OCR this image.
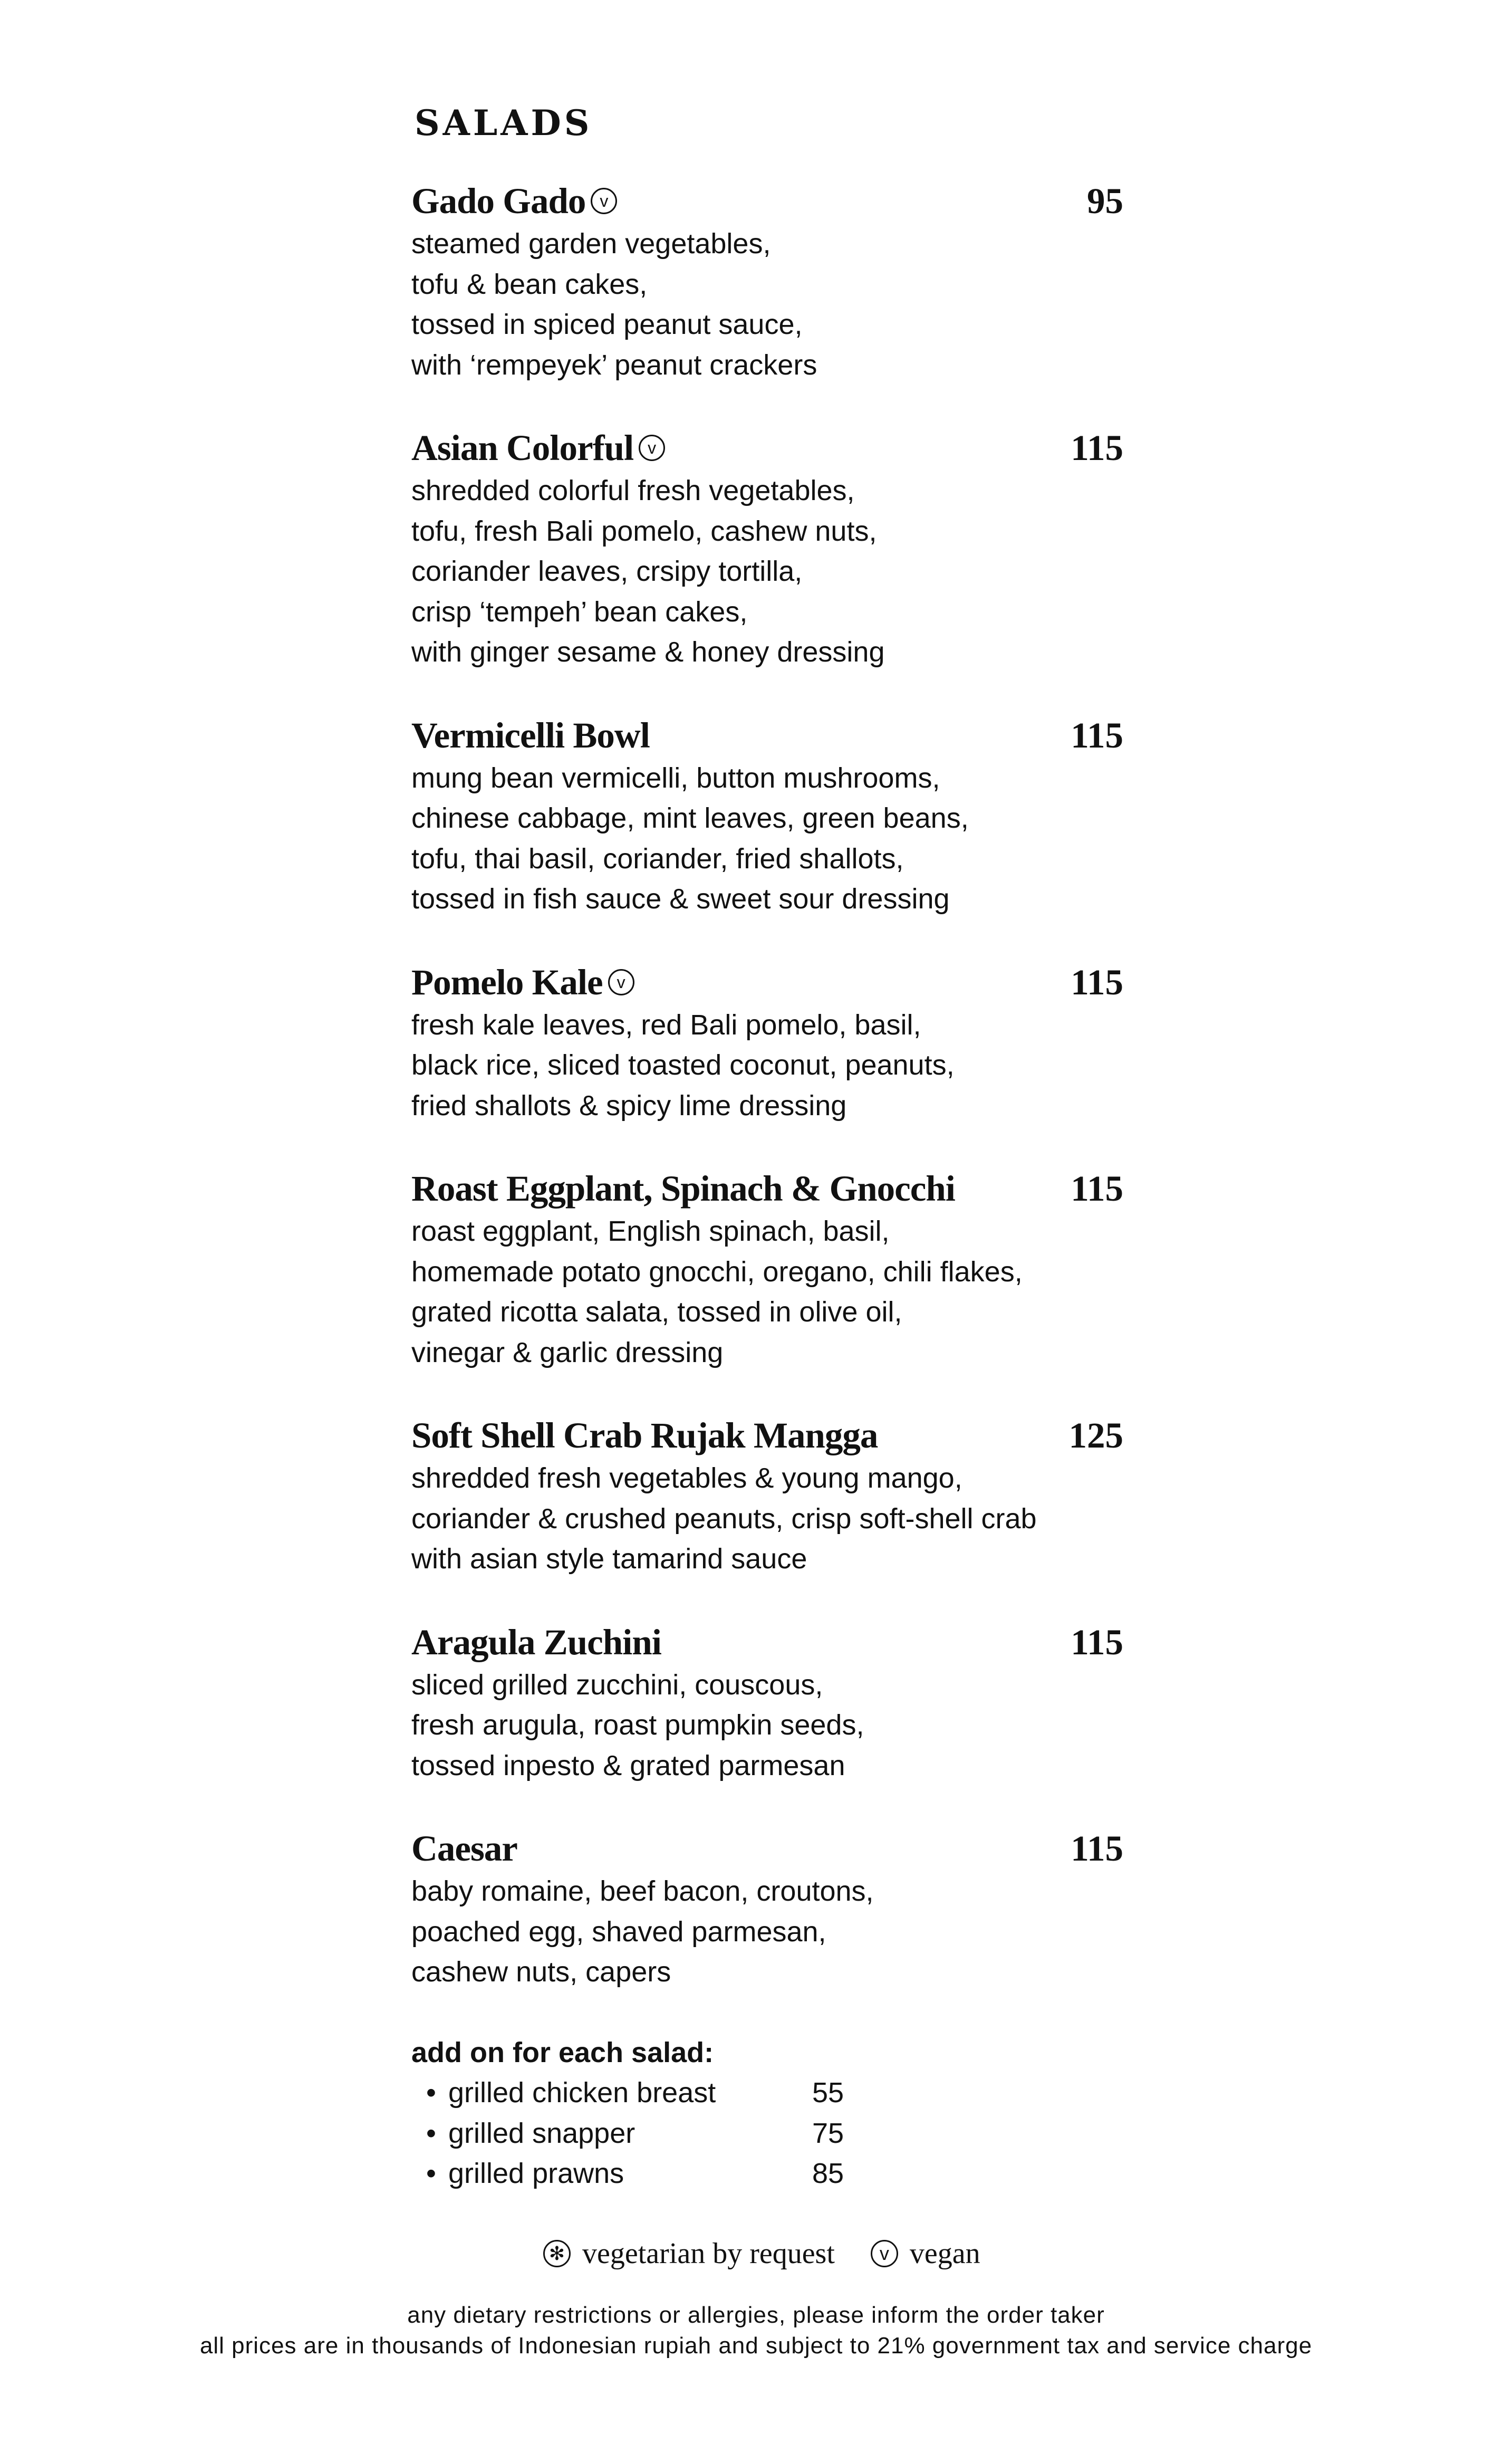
SALADS
Gado Gado v	95
steamed garden vegetables,
tofu & bean cakes,
tossed in spiced peanut sauce,
with ‘rempeyek’ peanut crackers
Asian Colorful v	115
shredded colorful fresh vegetables,
tofu, fresh Bali pomelo, cashew nuts,
coriander leaves, crsipy tortilla,
crisp ‘tempeh’ bean cakes,
with ginger sesame & honey dressing
Vermicelli Bowl	115
mung bean vermicelli, button mushrooms,
chinese cabbage, mint leaves, green beans,
tofu, thai basil, coriander, fried shallots,
tossed in fish sauce & sweet sour dressing
Pomelo Kale v	115
fresh kale leaves, red Bali pomelo, basil,
black rice, sliced toasted coconut, peanuts,
fried shallots & spicy lime dressing
Roast Eggplant, Spinach & Gnocchi	115
roast eggplant, English spinach, basil,
homemade potato gnocchi, oregano, chili flakes,
grated ricotta salata, tossed in olive oil,
vinegar & garlic dressing
Soft Shell Crab Rujak Mangga	125
shredded fresh vegetables & young mango,
coriander & crushed peanuts, crisp soft-shell crab
with asian style tamarind sauce
Aragula Zuchini	115
sliced grilled zucchini, couscous,
fresh arugula, roast pumpkin seeds,
tossed inpesto & grated parmesan
Caesar	115
baby romaine, beef bacon, croutons,
poached egg, shaved parmesan,
cashew nuts, capers
add on for each salad:
• grilled chicken breast	55
• grilled snapper	75
• grilled prawns	85
✻ vegetarian by request	v vegan
any dietary restrictions or allergies, please inform the order taker
all prices are in thousands of Indonesian rupiah and subject to 21% government tax and service charge
